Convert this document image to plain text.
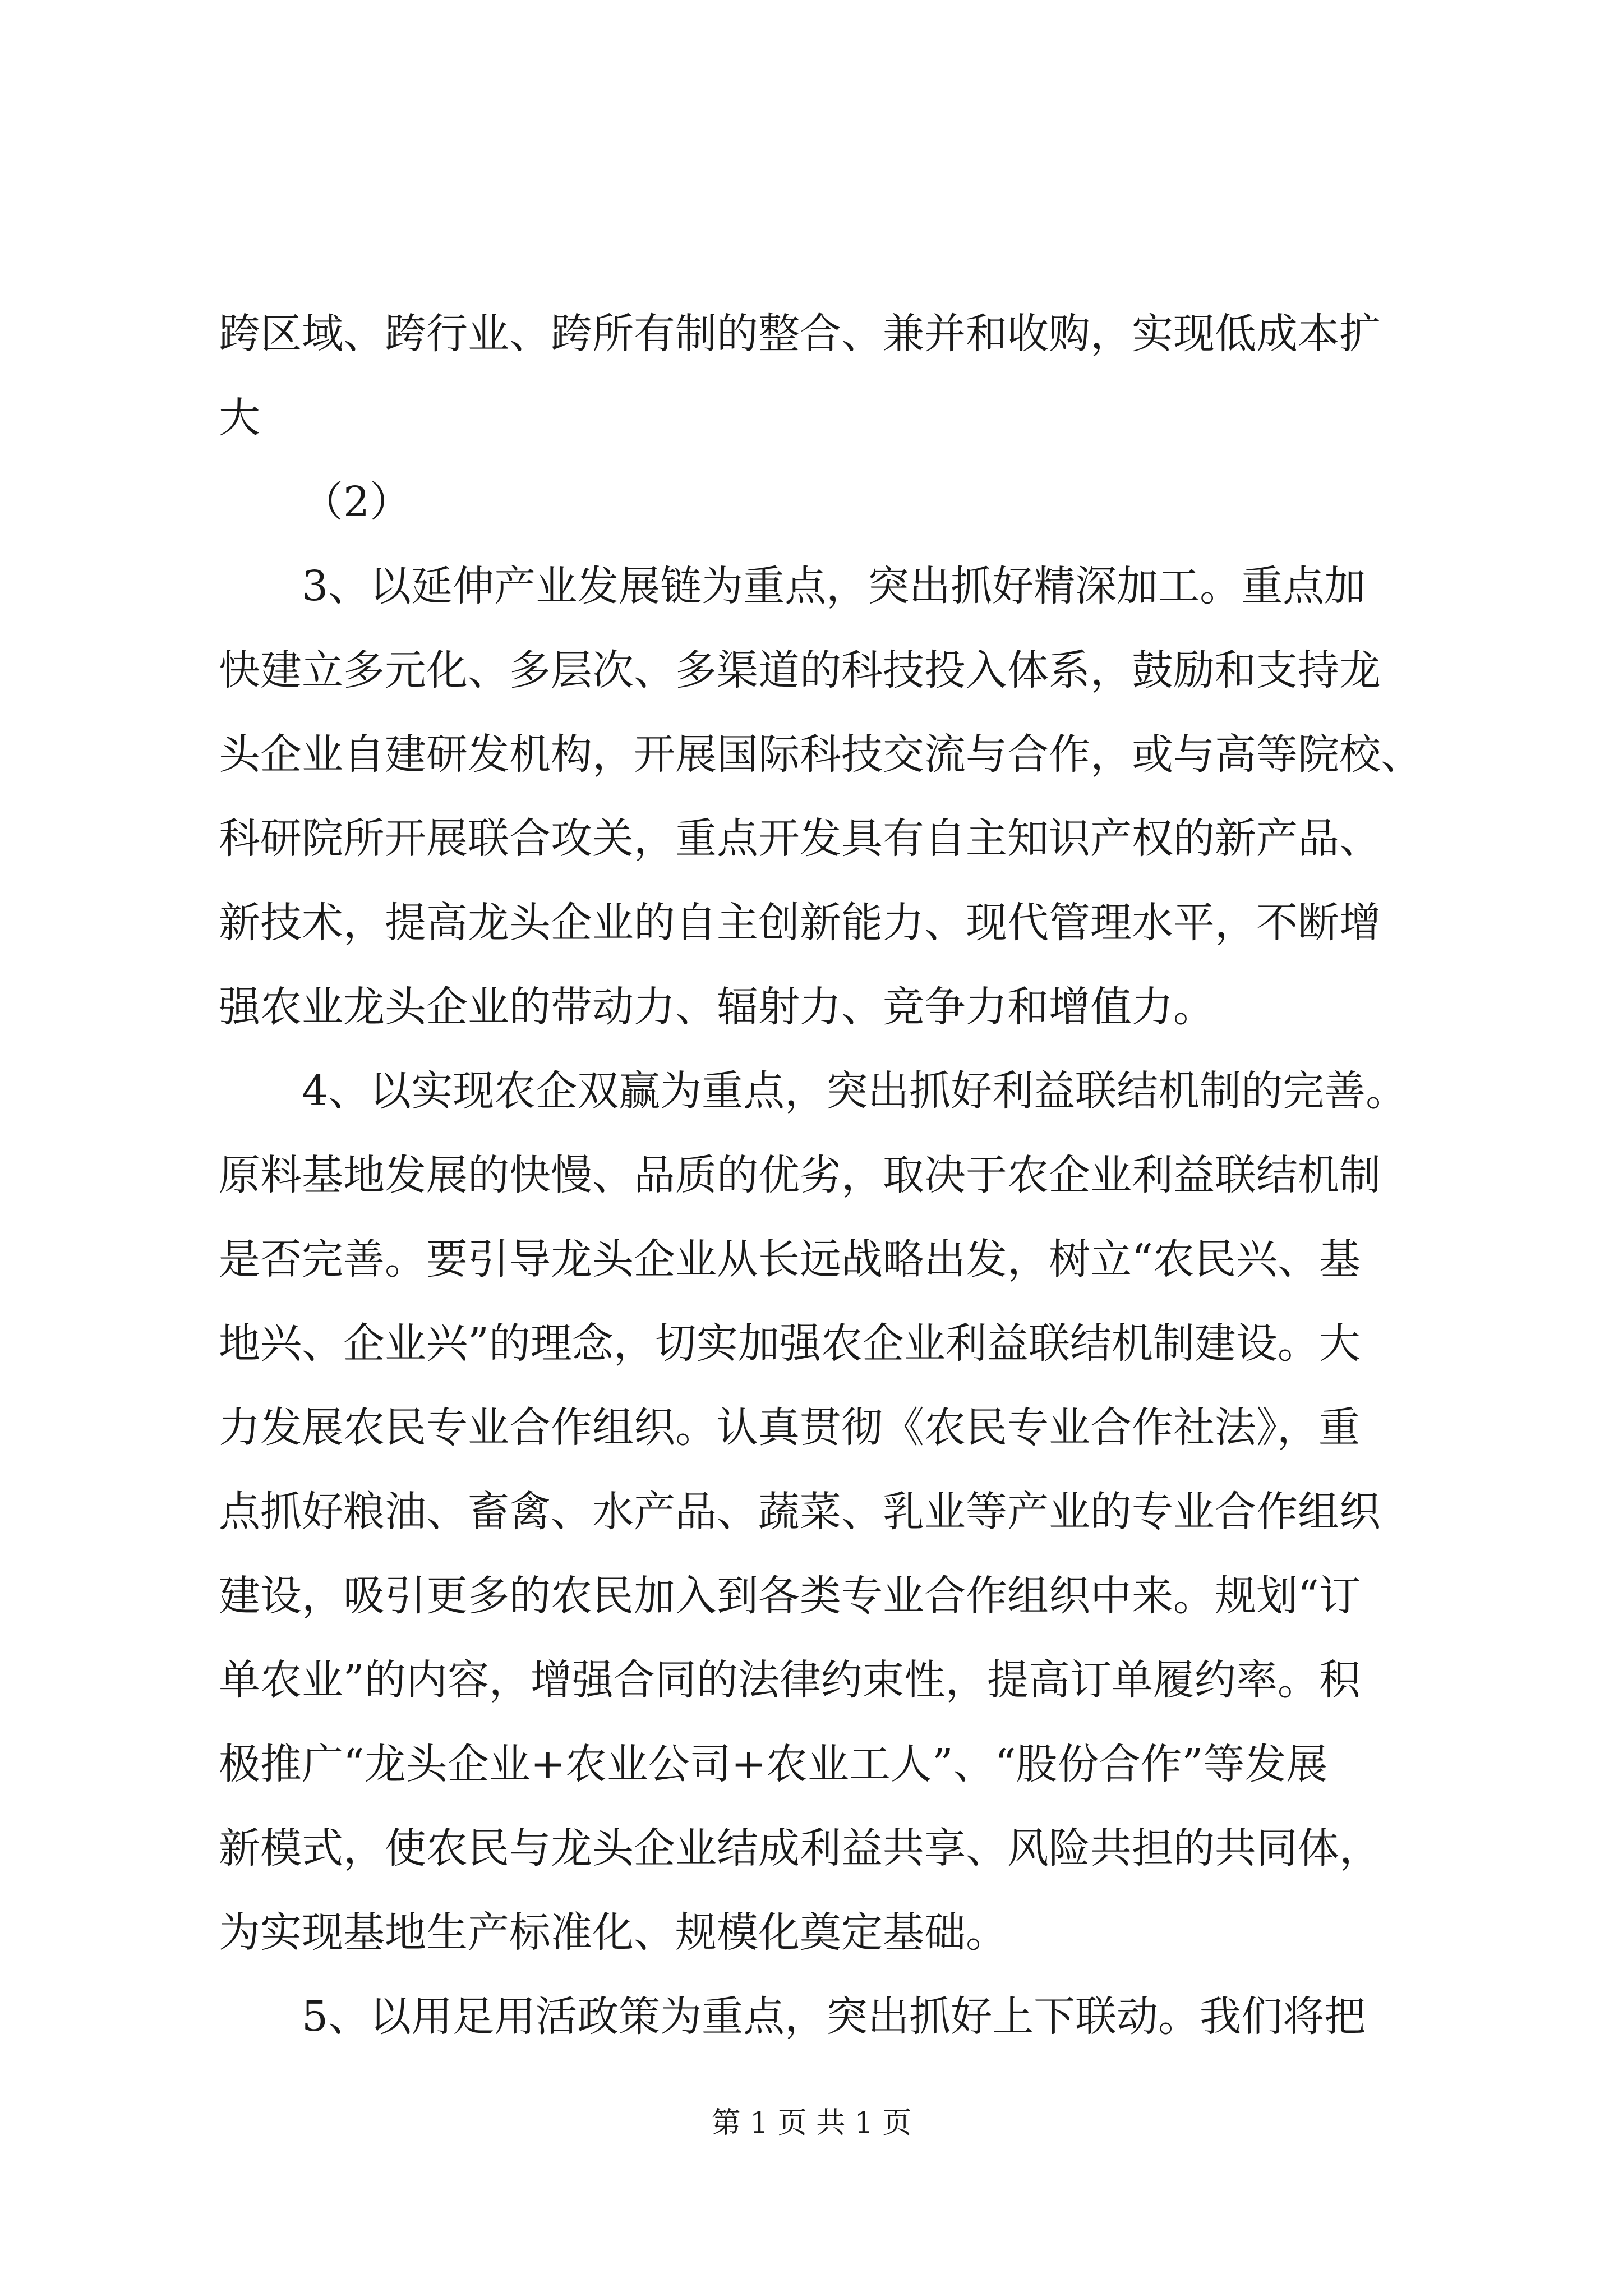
跨区域、跨行业、跨所有制的整合、兼并和收购，实现低成本扩
大
（2）
3、以延伸产业发展链为重点，突出抓好精深加工。重点加
快建立多元化、多层次、多渠道的科技投入体系，鼓励和支持龙
头企业自建研发机构，开展国际科技交流与合作，或与高等院校、
科研院所开展联合攻关，重点开发具有自主知识产权的新产品、
新技术，提高龙头企业的自主创新能力、现代管理水平，不断增
强农业龙头企业的带动力、辐射力、竞争力和增值力。
4、以实现农企双赢为重点，突出抓好利益联结机制的完善。
原料基地发展的快慢、品质的优劣，取决于农企业利益联结机制
是否完善。要引导龙头企业从长远战略出发，树立“农民兴、基
地兴、企业兴”的理念，切实加强农企业利益联结机制建设。大
力发展农民专业合作组织。认真贯彻《农民专业合作社法》，重
点抓好粮油、畜禽、水产品、蔬菜、乳业等产业的专业合作组织
建设，吸引更多的农民加入到各类专业合作组织中来。规划“订
单农业”的内容，增强合同的法律约束性，提高订单履约率。积
极推广“龙头企业+农业公司+农业工人”、“股份合作”等发展
新模式，使农民与龙头企业结成利益共享、风险共担的共同体，
为实现基地生产标准化、规模化奠定基础。
5、以用足用活政策为重点，突出抓好上下联动。我们将把
第 1 页 共 1 页
